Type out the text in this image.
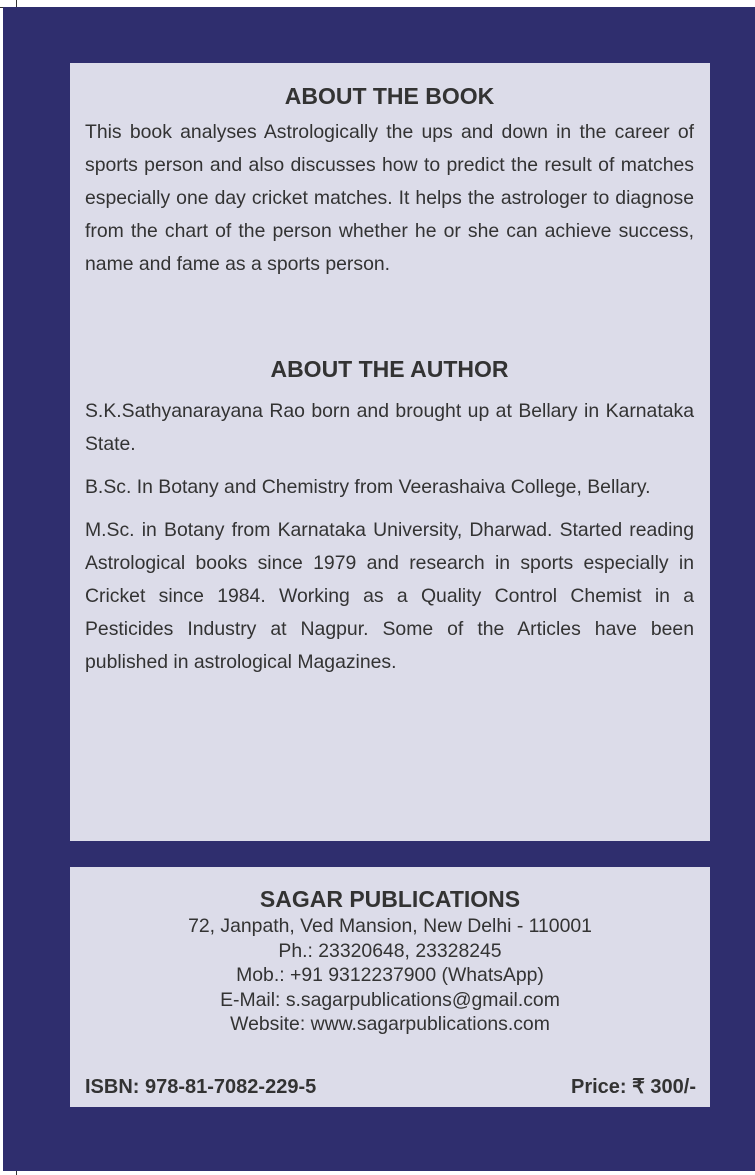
ABOUT THE BOOK

This book analyses Astrologically the ups and down in the career of sports person and also discusses how to predict the result of matches especially one day cricket matches. It helps the astrologer to diagnose from the chart of the person whether he or she can achieve success, name and fame as a sports person.

ABOUT THE AUTHOR

S.K.Sathyanarayana Rao born and brought up at Bellary in Karnataka State.

B.Sc. In Botany and Chemistry from Veerashaiva College, Bellary.

M.Sc. in Botany from Karnataka University, Dharwad. Started reading Astrological books since 1979 and research in sports especially in Cricket since 1984. Working as a Quality Control Chemist in a Pesticides Industry at Nagpur. Some of the Articles have been published in astrological Magazines.

SAGAR PUBLICATIONS
72, Janpath, Ved Mansion, New Delhi - 110001
Ph.: 23320648, 23328245
Mob.: +91 9312237900 (WhatsApp)
E-Mail: s.sagarpublications@gmail.com
Website: www.sagarpublications.com
ISBN: 978-81-7082-229-5	Price: ₹ 300/-
